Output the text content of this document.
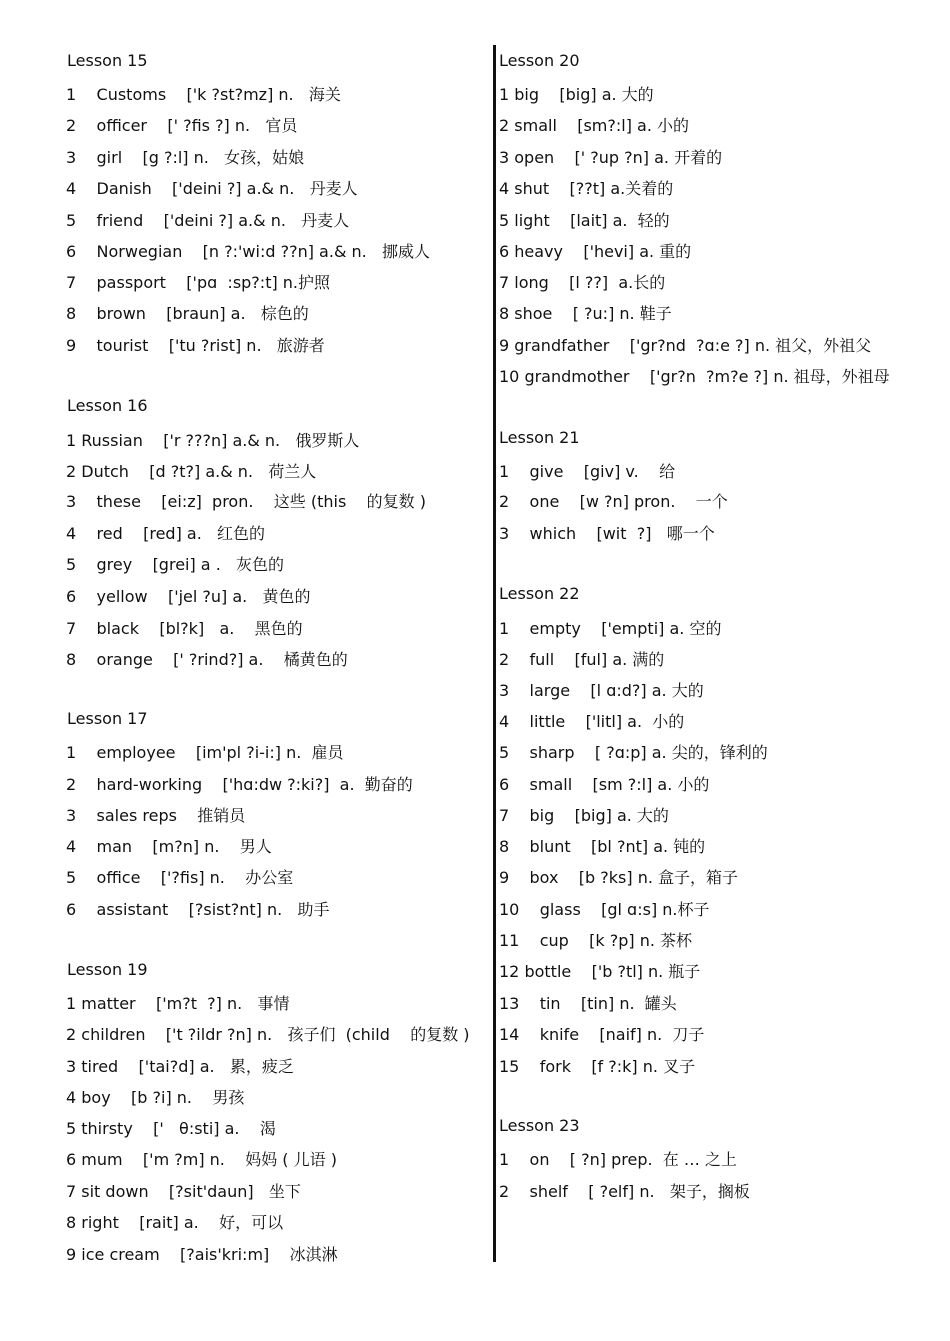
Lesson 15
1    Customs    ['k ?st?mz] n.   海关
2    officer    [' ?fis ?] n.   官员
3    girl    [g ?:l] n.   女孩，姑娘
4    Danish    ['deini ?] a.& n.   丹麦人
5    friend    ['deini ?] a.& n.   丹麦人
6    Norwegian    [n ?:'wi:d ??n] a.& n.   挪威人
7    passport    ['pɑ  :sp?:t] n.护照
8    brown    [braun] a.   棕色的
9    tourist    ['tu ?rist] n.   旅游者
Lesson 16
1 Russian    ['r ???n] a.& n.   俄罗斯人
2 Dutch    [d ?t?] a.& n.   荷兰人
3    these    [ei:z]  pron.    这些 (this    的复数 )
4    red    [red] a.   红色的
5    grey    [grei] a .   灰色的
6    yellow    ['jel ?u] a.   黄色的
7    black    [bl?k]   a.    黑色的
8    orange    [' ?rind?] a.    橘黄色的
Lesson 17
1    employee    [im'pl ?i-i:] n.  雇员
2    hard-working    ['hɑ:dw ?:ki?]  a.  勤奋的
3    sales reps    推销员
4    man    [m?n] n.    男人
5    office    ['?fis] n.    办公室
6    assistant    [?sist?nt] n.   助手
Lesson 19
1 matter    ['m?t  ?] n.   事情
2 children    ['t ?ildr ?n] n.   孩子们  (child    的复数 )
3 tired    ['tai?d] a.   累，疲乏
4 boy    [b ?i] n.    男孩
5 thirsty    ['   θ:sti] a.    渴
6 mum    ['m ?m] n.    妈妈 ( 儿语 )
7 sit down    [?sit'daun]   坐下
8 right    [rait] a.    好，可以
9 ice cream    [?ais'kri:m]    冰淇淋
Lesson 20
1 big    [big] a. 大的
2 small    [sm?:l] a. 小的
3 open    [' ?up ?n] a. 开着的
4 shut    [??t] a.关着的
5 light    [lait] a.  轻的
6 heavy    ['hevi] a. 重的
7 long    [l ??]  a.长的
8 shoe    [ ?u:] n. 鞋子
9 grandfather    ['gr?nd  ?ɑ:e ?] n. 祖父，外祖父
10 grandmother    ['gr?n  ?m?e ?] n. 祖母，外祖母
Lesson 21
1    give    [giv] v.    给
2    one    [w ?n] pron.    一个
3    which    [wit  ?]   哪一个
Lesson 22
1    empty    ['empti] a. 空的
2    full    [ful] a. 满的
3    large    [l ɑ:d?] a. 大的
4    little    ['litl] a.  小的
5    sharp    [ ?ɑ:p] a. 尖的，锋利的
6    small    [sm ?:l] a. 小的
7    big    [big] a. 大的
8    blunt    [bl ?nt] a. 钝的
9    box    [b ?ks] n. 盒子，箱子
10    glass    [gl ɑ:s] n.杯子
11    cup    [k ?p] n. 茶杯
12 bottle    ['b ?tl] n. 瓶子
13    tin    [tin] n.  罐头
14    knife    [naif] n.  刀子
15    fork    [f ?:k] n. 叉子
Lesson 23
1    on    [ ?n] prep.  在 … 之上
2    shelf    [ ?elf] n.   架子，搁板
